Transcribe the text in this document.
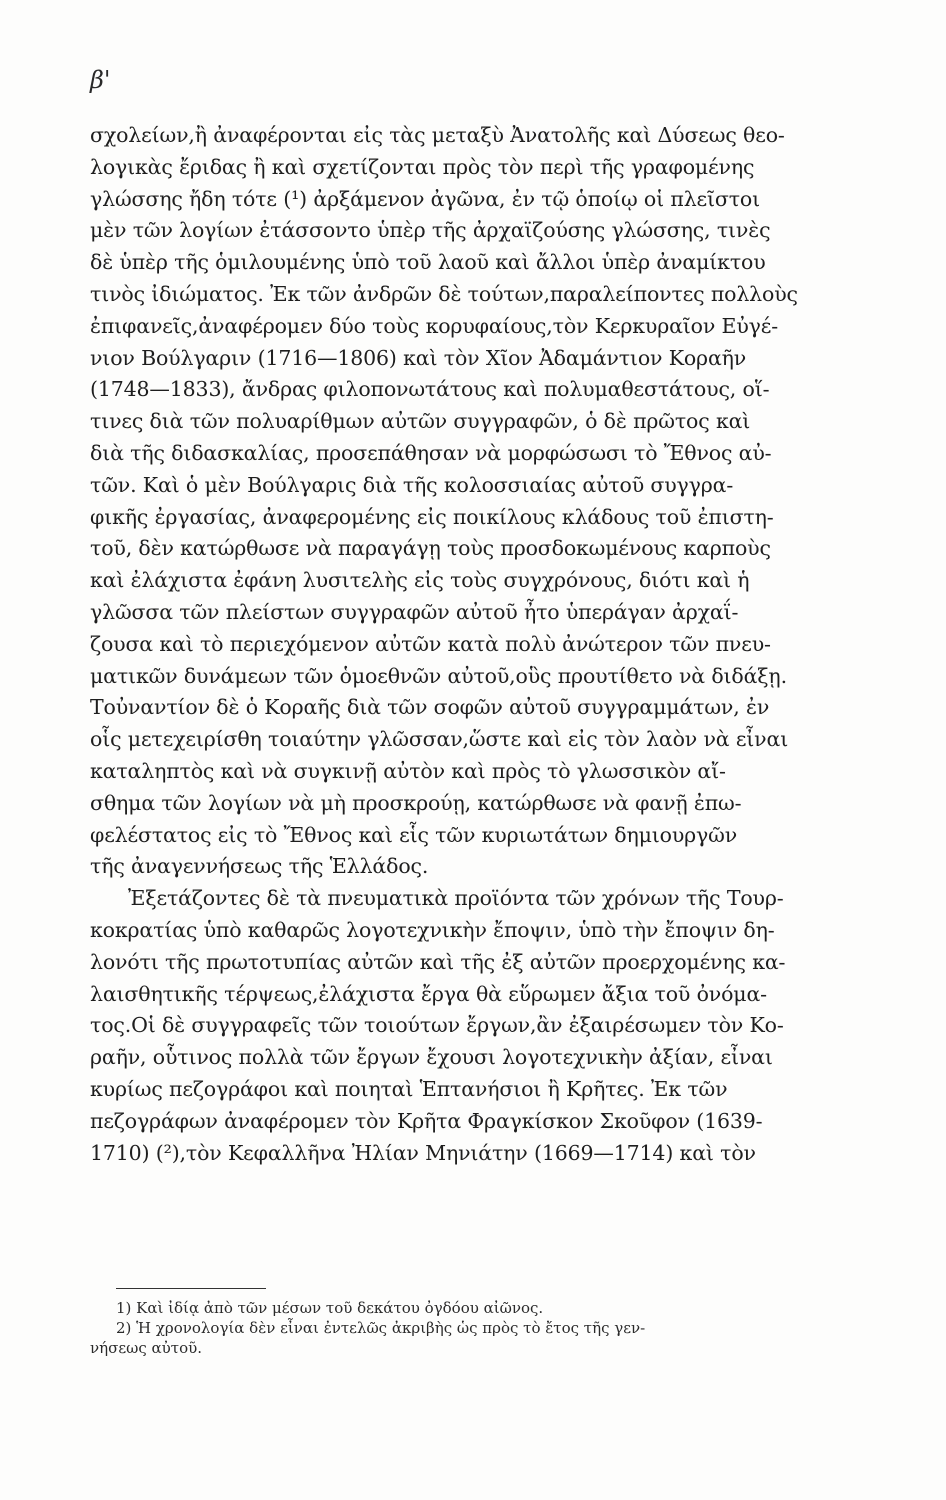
β'
σχολείων,ἢ ἀναφέρονται εἰς τὰς μεταξὺ Ἀνατολῆς καὶ Δύσεως θεο-
λογικὰς ἔριδας ἢ καὶ σχετίζονται πρὸς τὸν περὶ τῆς γραφομένης
γλώσσης ἤδη τότε (¹) ἀρξάμενον ἀγῶνα, ἐν τῷ ὁποίῳ οἱ πλεῖστοι
μὲν τῶν λογίων ἐτάσσοντο ὑπὲρ τῆς ἀρχαϊζούσης γλώσσης, τινὲς
δὲ ὑπὲρ τῆς ὁμιλουμένης ὑπὸ τοῦ λαοῦ καὶ ἄλλοι ὑπὲρ ἀναμίκτου
τινὸς ἰδιώματος. Ἐκ τῶν ἀνδρῶν δὲ τούτων,παραλείποντες πολλοὺς
ἐπιφανεῖς,ἀναφέρομεν δύο τοὺς κορυφαίους,τὸν Κερκυραῖον Εὐγέ-
νιον Βούλγαριν (1716—1806) καὶ τὸν Χῖον Ἀδαμάντιον Κοραῆν
(1748—1833), ἄνδρας φιλοπονωτάτους καὶ πολυμαθεστάτους, οἵ-
τινες διὰ τῶν πολυαρίθμων αὐτῶν συγγραφῶν, ὁ δὲ πρῶτος καὶ
διὰ τῆς διδασκαλίας, προσεπάθησαν νὰ μορφώσωσι τὸ Ἔθνος αὐ-
τῶν. Καὶ ὁ μὲν Βούλγαρις διὰ τῆς κολοσσιαίας αὐτοῦ συγγρα-
φικῆς ἐργασίας, ἀναφερομένης εἰς ποικίλους κλάδους τοῦ ἐπιστη-
τοῦ, δὲν κατώρθωσε νὰ παραγάγῃ τοὺς προσδοκωμένους καρποὺς
καὶ ἐλάχιστα ἐφάνη λυσιτελὴς εἰς τοὺς συγχρόνους, διότι καὶ ἡ
γλῶσσα τῶν πλείστων συγγραφῶν αὐτοῦ ἦτο ὑπεράγαν ἀρχαΐ-
ζουσα καὶ τὸ περιεχόμενον αὐτῶν κατὰ πολὺ ἀνώτερον τῶν πνευ-
ματικῶν δυνάμεων τῶν ὁμοεθνῶν αὐτοῦ,οὓς προυτίθετο νὰ διδάξῃ.
Τοὐναντίον δὲ ὁ Κοραῆς διὰ τῶν σοφῶν αὐτοῦ συγγραμμάτων, ἐν
οἷς μετεχειρίσθη τοιαύτην γλῶσσαν,ὥστε καὶ εἰς τὸν λαὸν νὰ εἶναι
καταληπτὸς καὶ νὰ συγκινῇ αὐτὸν καὶ πρὸς τὸ γλωσσικὸν αἴ-
σθημα τῶν λογίων νὰ μὴ προσκρούῃ, κατώρθωσε νὰ φανῇ ἐπω-
φελέστατος εἰς τὸ Ἔθνος καὶ εἷς τῶν κυριωτάτων δημιουργῶν
τῆς ἀναγεννήσεως τῆς Ἑλλάδος.
Ἐξετάζοντες δὲ τὰ πνευματικὰ προϊόντα τῶν χρόνων τῆς Τουρ-
κοκρατίας ὑπὸ καθαρῶς λογοτεχνικὴν ἔποψιν, ὑπὸ τὴν ἔποψιν δη-
λονότι τῆς πρωτοτυπίας αὐτῶν καὶ τῆς ἐξ αὐτῶν προερχομένης κα-
λαισθητικῆς τέρψεως,ἐλάχιστα ἔργα θὰ εὕρωμεν ἄξια τοῦ ὀνόμα-
τος.Οἱ δὲ συγγραφεῖς τῶν τοιούτων ἔργων,ἂν ἐξαιρέσωμεν τὸν Κο-
ραῆν, οὗτινος πολλὰ τῶν ἔργων ἔχουσι λογοτεχνικὴν ἀξίαν, εἶναι
κυρίως πεζογράφοι καὶ ποιηταὶ Ἑπτανήσιοι ἢ Κρῆτες. Ἐκ τῶν
πεζογράφων ἀναφέρομεν τὸν Κρῆτα Φραγκίσκον Σκοῦφον (1639-
1710) (²),τὸν Κεφαλλῆνα Ἠλίαν Μηνιάτην (1669—1714) καὶ τὸν
1) Καὶ ἰδίᾳ ἀπὸ τῶν μέσων τοῦ δεκάτου ὀγδόου αἰῶνος.
2) Ἡ χρονολογία δὲν εἶναι ἐντελῶς ἀκριβὴς ὡς πρὸς τὸ ἔτος τῆς γεν-
νήσεως αὐτοῦ.
